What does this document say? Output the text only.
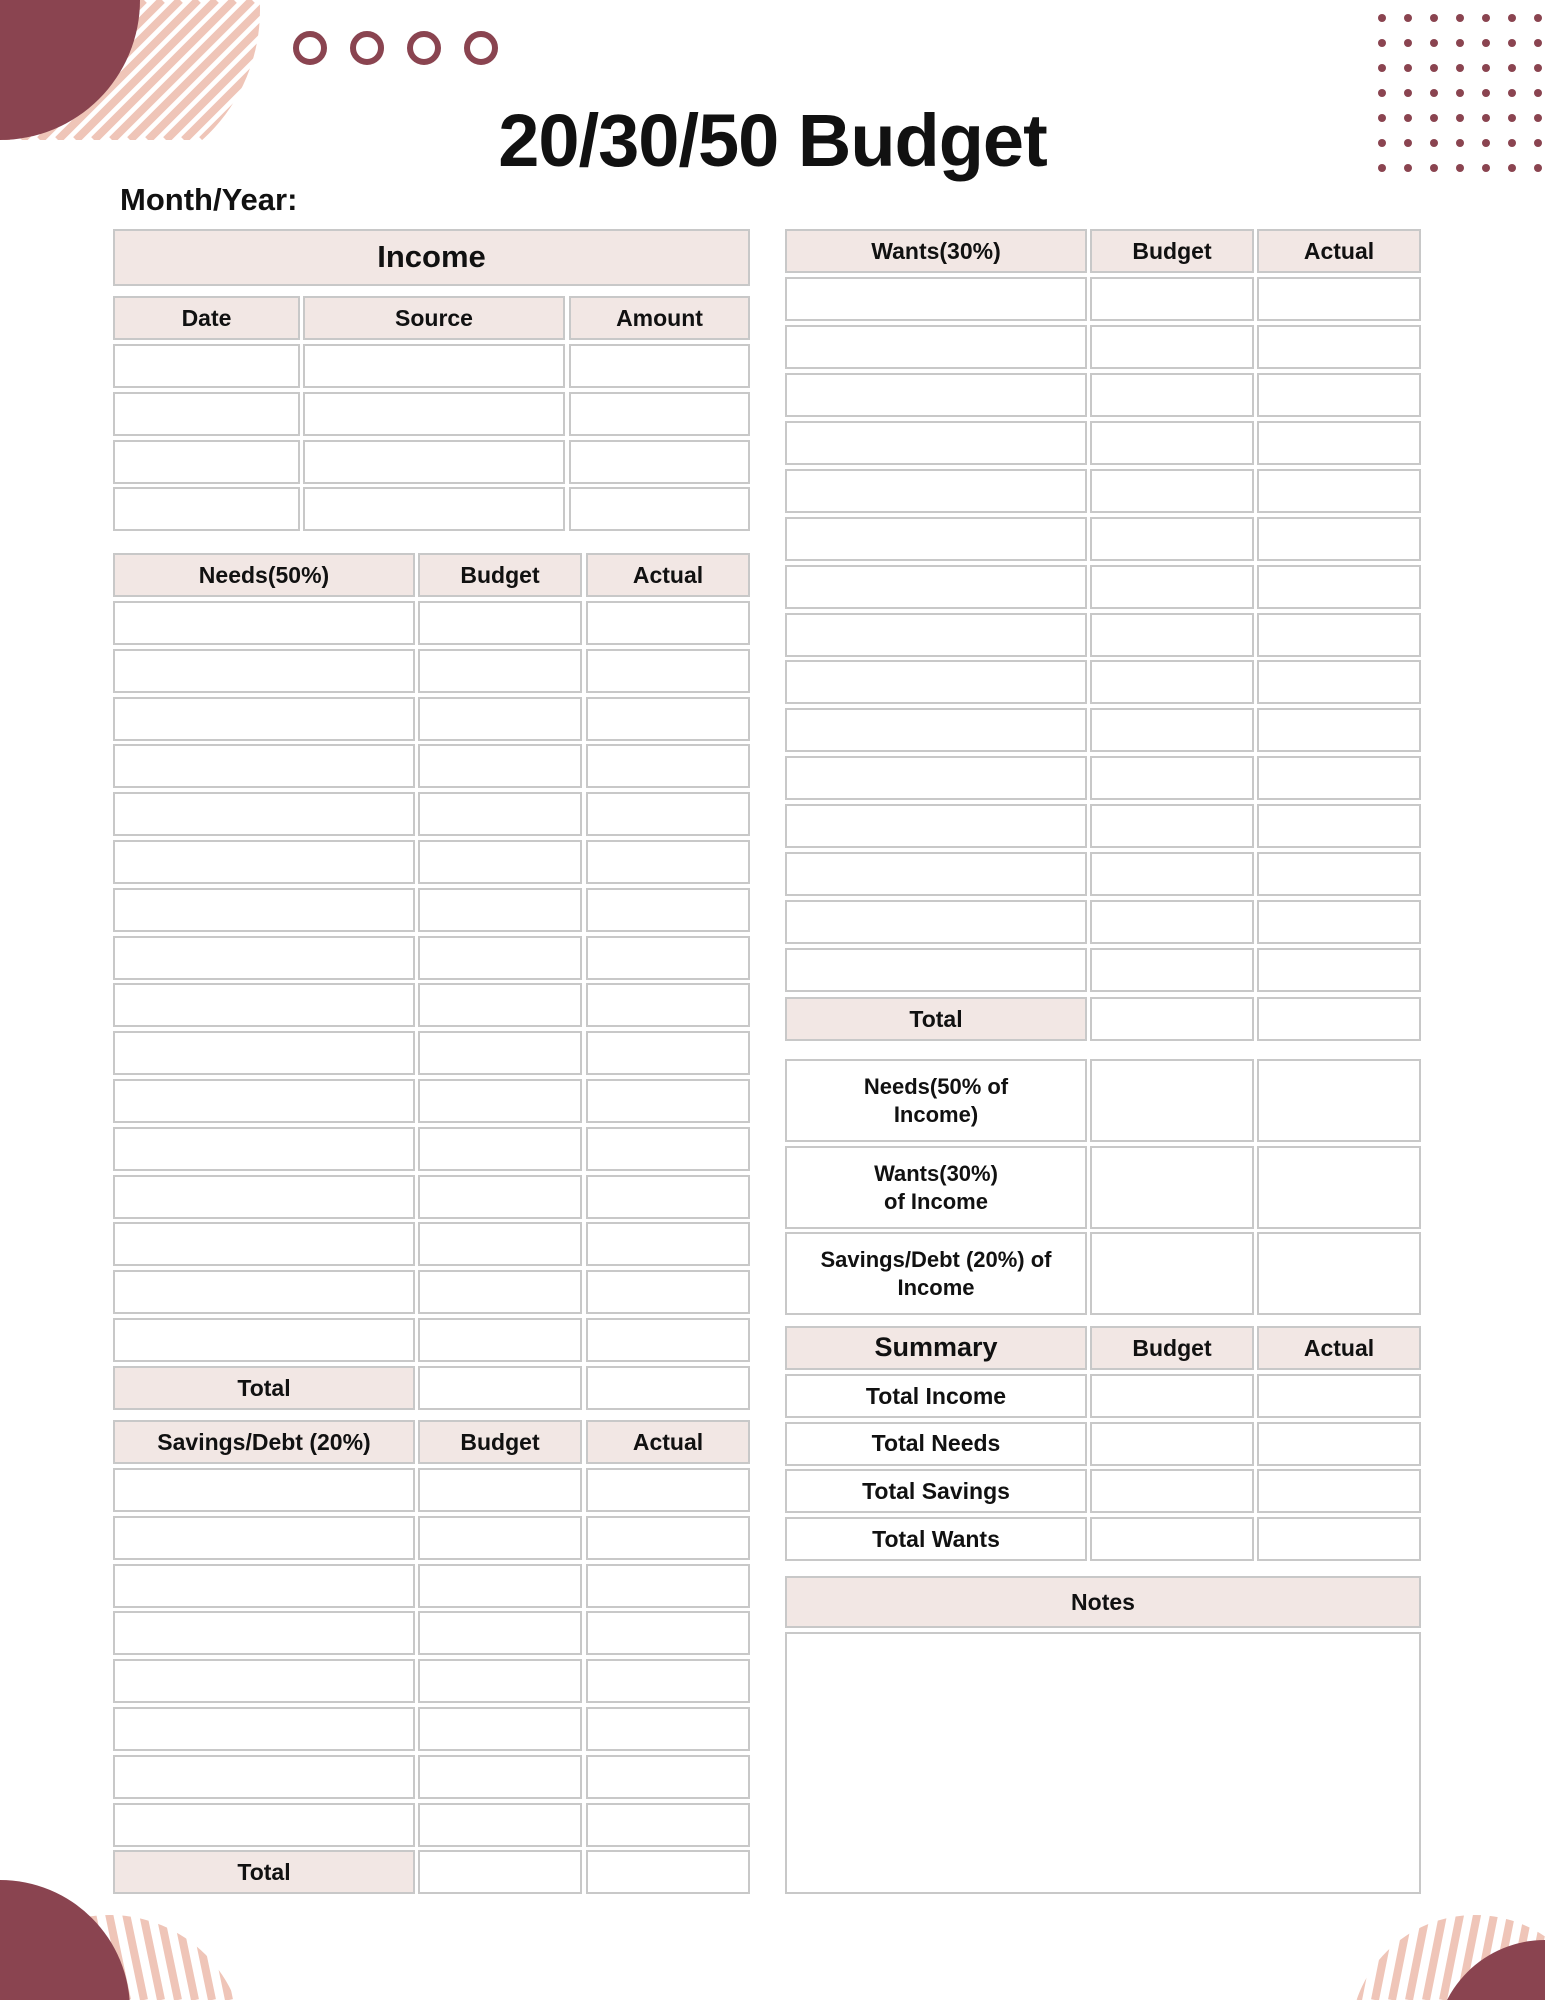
20/30/50 Budget
Month/Year:
Income
Date	Source	Amount
Needs(50%)	Budget	Actual
Total
Savings/Debt (20%)	Budget	Actual
Total
Wants(30%)	Budget	Actual
Total
Needs(50% of
Income)
Wants(30%)
of Income
Savings/Debt (20%) of
Income
Summary	Budget	Actual
Total Income
Total Needs
Total Savings
Total Wants
Notes
